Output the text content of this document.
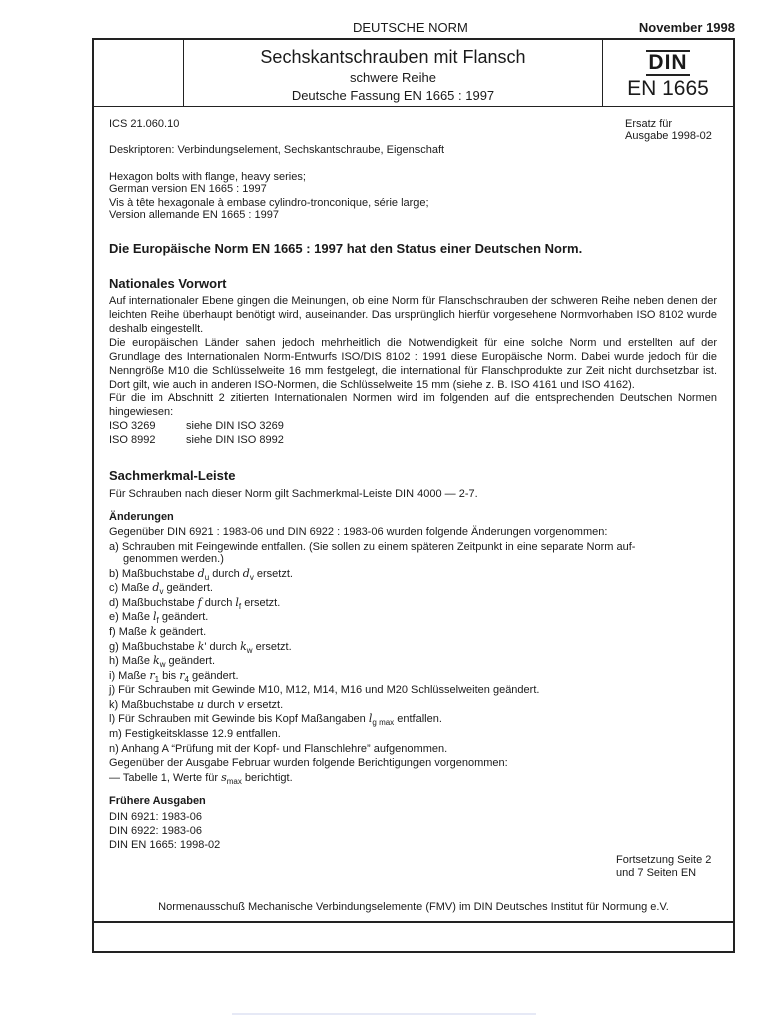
DEUTSCHE NORM	November 1998
Sechskantschrauben mit Flansch
schwere Reihe
Deutsche Fassung EN 1665 : 1997
DIN
EN 1665
ICS 21.060.10	Ersatz für
Ausgabe 1998-02
Deskriptoren: Verbindungselement, Sechskantschraube, Eigenschaft
Hexagon bolts with flange, heavy series;
German version EN 1665 : 1997
Vis à tête hexagonale à embase cylindro-tronconique, série large;
Version allemande EN 1665 : 1997
Die Europäische Norm EN 1665 : 1997 hat den Status einer Deutschen Norm.
Nationales Vorwort
Auf internationaler Ebene gingen die Meinungen, ob eine Norm für Flanschschrauben der schweren Reihe neben denen der leichten Reihe überhaupt benötigt wird, auseinander. Das ursprünglich hierfür vorgesehene Normvorhaben ISO 8102 wurde deshalb eingestellt.
Die europäischen Länder sahen jedoch mehrheitlich die Notwendigkeit für eine solche Norm und erstellten auf der Grundlage des Internationalen Norm-Entwurfs ISO/DIS 8102 : 1991 diese Europäische Norm. Dabei wurde jedoch für die Nenngröße M10 die Schlüsselweite 16 mm festgelegt, die international für Flanschprodukte zur Zeit nicht durchsetzbar ist. Dort gilt, wie auch in anderen ISO-Normen, die Schlüsselweite 15 mm (siehe z. B. ISO 4161 und ISO 4162).
Für die im Abschnitt 2 zitierten Internationalen Normen wird im folgenden auf die entsprechenden Deutschen Normen hingewiesen:
ISO 3269	siehe DIN ISO 3269
ISO 8992	siehe DIN ISO 8992
Sachmerkmal-Leiste
Für Schrauben nach dieser Norm gilt Sachmerkmal-Leiste DIN 4000 — 2-7.
Änderungen
Gegenüber DIN 6921 : 1983-06 und DIN 6922 : 1983-06 wurden folgende Änderungen vorgenommen:
a) Schrauben mit Feingewinde entfallen. (Sie sollen zu einem späteren Zeitpunkt in eine separate Norm auf-
genommen werden.)
b) Maßbuchstabe $d_u$ durch $d_v$ ersetzt.
c) Maße $d_v$ geändert.
d) Maßbuchstabe f durch $l_f$ ersetzt.
e) Maße $l_f$ geändert.
f) Maße k geändert.
g) Maßbuchstabe k' durch $k_w$ ersetzt.
h) Maße $k_w$ geändert.
i) Maße $r_1$ bis $r_4$ geändert.
j) Für Schrauben mit Gewinde M10, M12, M14, M16 und M20 Schlüsselweiten geändert.
k) Maßbuchstabe u durch v ersetzt.
l) Für Schrauben mit Gewinde bis Kopf Maßangaben $l_{g max}$ entfallen.
m) Festigkeitsklasse 12.9 entfallen.
n) Anhang A “Prüfung mit der Kopf- und Flanschlehre” aufgenommen.
Gegenüber der Ausgabe Februar wurden folgende Berichtigungen vorgenommen:
— Tabelle 1, Werte für $s_{max}$ berichtigt.
Frühere Ausgaben
DIN 6921: 1983-06
DIN 6922: 1983-06
DIN EN 1665: 1998-02
Fortsetzung Seite 2
und 7 Seiten EN
Normenausschuß Mechanische Verbindungselemente (FMV) im DIN Deutsches Institut für Normung e.V.
